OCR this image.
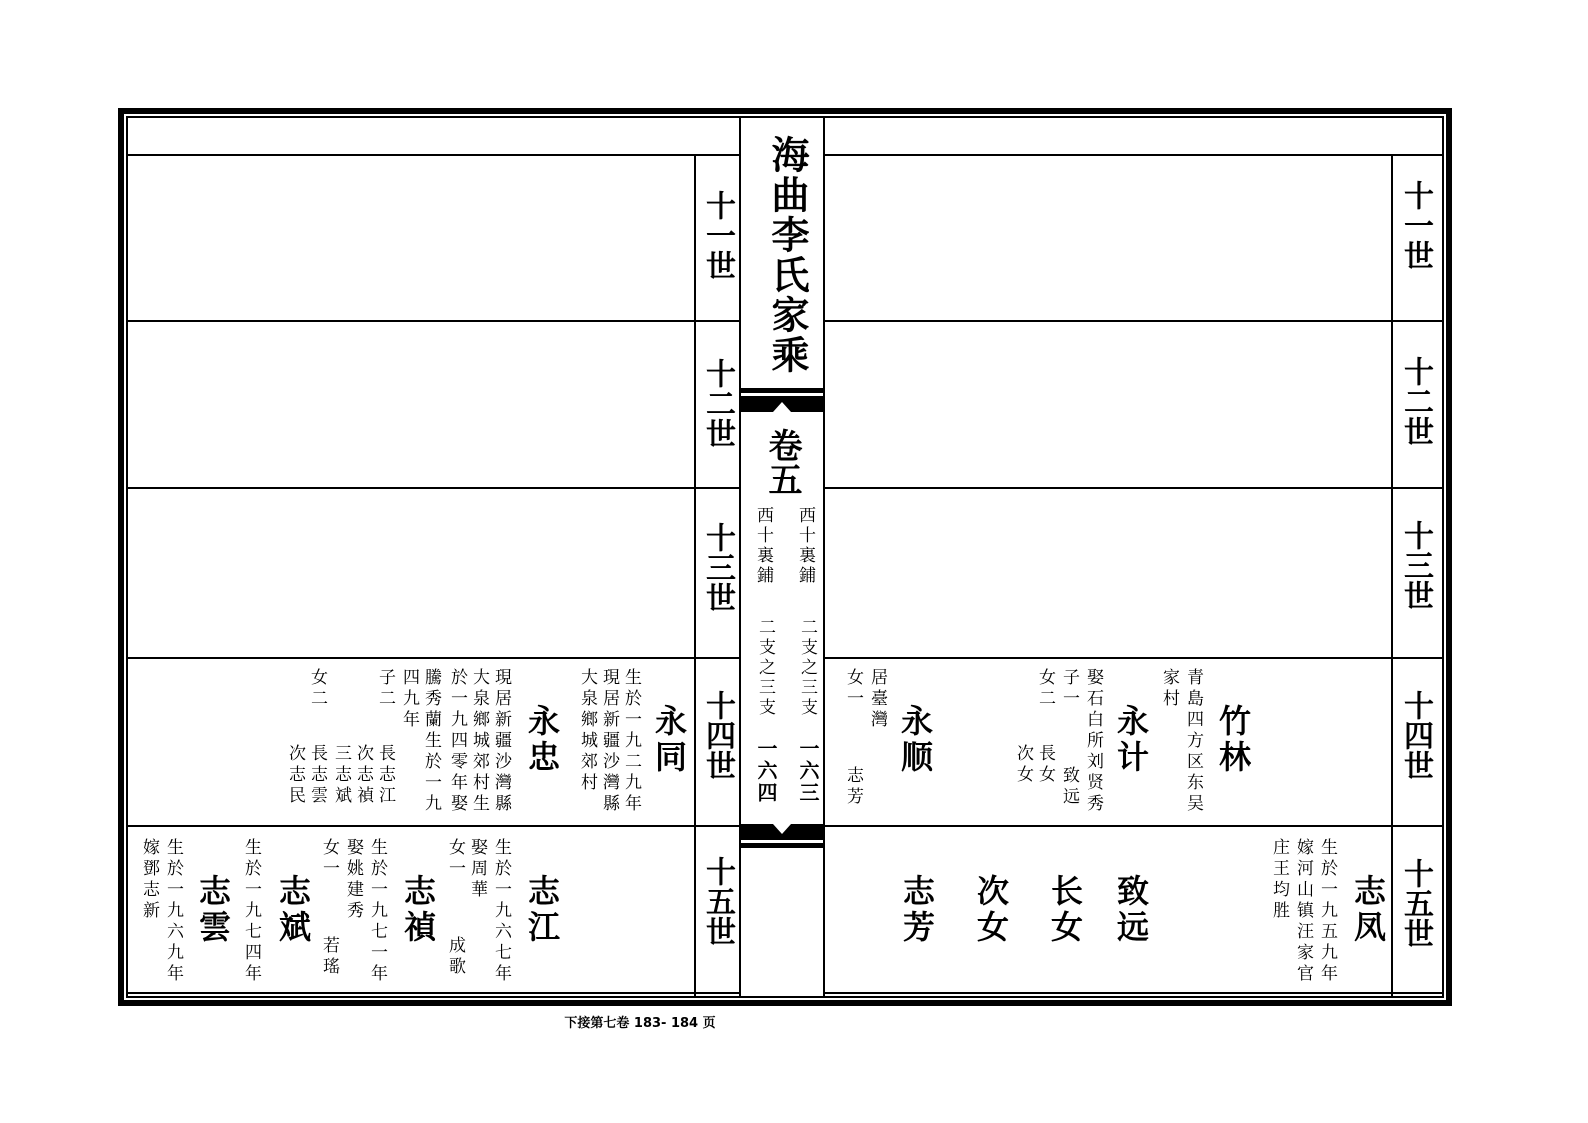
海曲李氏家乘
卷五
西十裏鋪
西十裏鋪
二支之三支
二支之三支
一六三
一六四
十一世
十二世
十三世
十四世
十五世
十一世
十二世
十三世
十四世
十五世
永同
生於一九二九年
現居新疆沙灣縣
大泉鄉城郊村
永忠
現居新疆沙灣縣
大泉鄉城郊村生
於一九四零年娶
騰秀蘭生於一九
四九年
子二
女二
長志江
次志禎
三志斌
長志雲
次志民
志江
生於一九六七年
娶周華
女一
成歌
志禎
生於一九七一年
娶姚建秀
女一
若瑤
志斌
生於一九七四年
志雲
生於一九六九年
嫁鄧志新
竹林
青島四方区东吴
家村
永计
娶石白所刘贤秀
子一
女二
致远
長女
次女
永顺
居臺灣
女一
志芳
志凤
生於一九五九年
嫁河山镇汪家官
庄王均胜
致远
长女
次女
志芳
下接第七卷 183- 184 页
